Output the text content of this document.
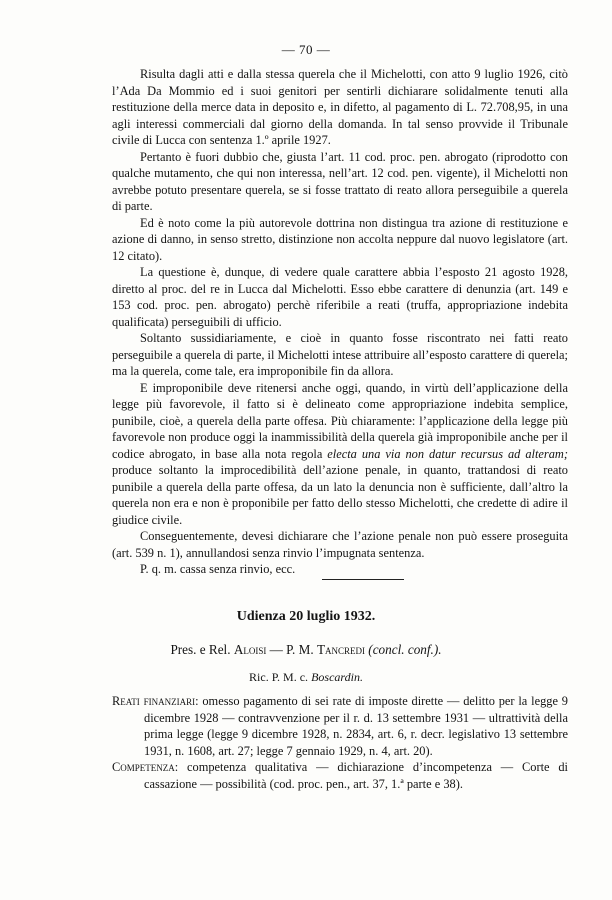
— 70 —

Risulta dagli atti e dalla stessa querela che il Michelotti, con atto 9 luglio 1926, citò l’Ada Da Mommio ed i suoi genitori per sentirli dichiarare solidalmente tenuti alla restituzione della merce data in deposito e, in difetto, al pagamento di L. 72.708,95, in una agli interessi commerciali dal giorno della domanda. In tal senso provvide il Tribunale civile di Lucca con sentenza 1.º aprile 1927.

Pertanto è fuori dubbio che, giusta l’art. 11 cod. proc. pen. abrogato (riprodotto con qualche mutamento, che qui non interessa, nell’art. 12 cod. pen. vigente), il Michelotti non avrebbe potuto presentare querela, se si fosse trattato di reato allora perseguibile a querela di parte.

Ed è noto come la più autorevole dottrina non distingua tra azione di restituzione e azione di danno, in senso stretto, distinzione non accolta neppure dal nuovo legislatore (art. 12 citato).

La questione è, dunque, di vedere quale carattere abbia l’esposto 21 agosto 1928, diretto al proc. del re in Lucca dal Michelotti. Esso ebbe carattere di denunzia (art. 149 e 153 cod. proc. pen. abrogato) perchè riferibile a reati (truffa, appropriazione indebita qualificata) perseguibili di ufficio.

Soltanto sussidiariamente, e cioè in quanto fosse riscontrato nei fatti reato perseguibile a querela di parte, il Michelotti intese attribuire all’esposto carattere di querela; ma la querela, come tale, era improponibile fin da allora.

E improponibile deve ritenersi anche oggi, quando, in virtù dell’applicazione della legge più favorevole, il fatto si è delineato come appropriazione indebita semplice, punibile, cioè, a querela della parte offesa. Più chiaramente: l’applicazione della legge più favorevole non produce oggi la inammissibilità della querela già improponibile anche per il codice abrogato, in base alla nota regola electa una via non datur recursus ad alteram; produce soltanto la improcedibilità dell’azione penale, in quanto, trattandosi di reato punibile a querela della parte offesa, da un lato la denuncia non è sufficiente, dall’altro la querela non era e non è proponibile per fatto dello stesso Michelotti, che credette di adire il giudice civile.

Conseguentemente, devesi dichiarare che l’azione penale non può essere proseguita (art. 539 n. 1), annullandosi senza rinvio l’impugnata sentenza.

P. q. m. cassa senza rinvio, ecc.

Udienza 20 luglio 1932.
Pres. e Rel. Aloisi — P. M. Tancredi (concl. conf.).
Ric. P. M. c. Boscardin.

Reati finanziari: omesso pagamento di sei rate di imposte dirette — delitto per la legge 9 dicembre 1928 — contravvenzione per il r. d. 13 settembre 1931 — ultrattività della prima legge (legge 9 dicembre 1928, n. 2834, art. 6, r. decr. legislativo 13 settembre 1931, n. 1608, art. 27; legge 7 gennaio 1929, n. 4, art. 20).

Competenza: competenza qualitativa — dichiarazione d’incompetenza — Corte di cassazione — possibilità (cod. proc. pen., art. 37, 1.ª parte e 38).
